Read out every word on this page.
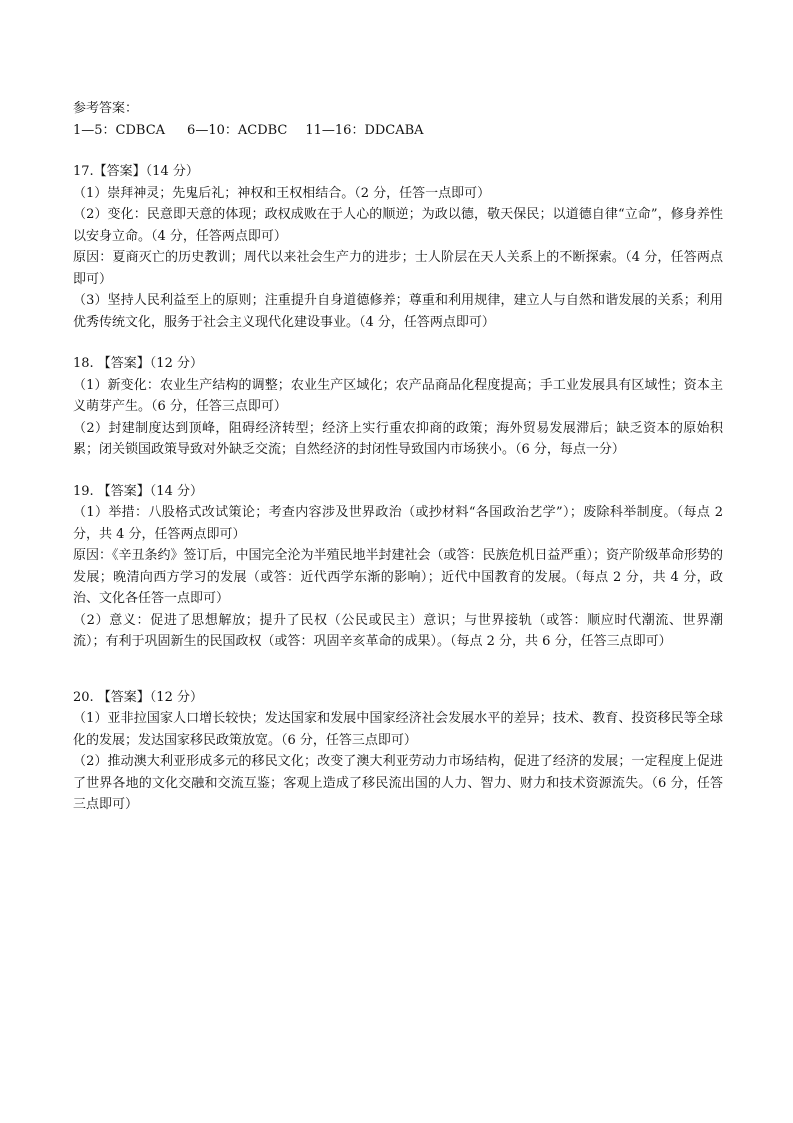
参考答案：
1—5：CDBCA 6—10：ACDBC 11—16：DDCABA
17.【答案】（14 分）
（1）崇拜神灵；先鬼后礼；神权和王权相结合。（2 分，任答一点即可）
（2）变化：民意即天意的体现；政权成败在于人心的顺逆；为政以德，敬天保民；以道德自律“立命”，修身养性以安身立命。（4 分，任答两点即可）
原因：夏商灭亡的历史教训；周代以来社会生产力的进步；士人阶层在天人关系上的不断探索。（4 分，任答两点即可）
（3）坚持人民利益至上的原则；注重提升自身道德修养；尊重和利用规律，建立人与自然和谐发展的关系；利用优秀传统文化，服务于社会主义现代化建设事业。（4 分，任答两点即可）
18. 【答案】（12 分）
（1）新变化：农业生产结构的调整；农业生产区域化；农产品商品化程度提高；手工业发展具有区域性；资本主义萌芽产生。（6 分，任答三点即可）
（2）封建制度达到顶峰，阻碍经济转型；经济上实行重农抑商的政策；海外贸易发展滞后；缺乏资本的原始积累；闭关锁国政策导致对外缺乏交流；自然经济的封闭性导致国内市场狭小。（6 分，每点一分）
19. 【答案】（14 分）
（1）举措：八股格式改试策论；考查内容涉及世界政治（或抄材料“各国政治艺学”）；废除科举制度。（每点 2 分，共 4 分，任答两点即可）
原因：《辛丑条约》签订后，中国完全沦为半殖民地半封建社会（或答：民族危机日益严重）；资产阶级革命形势的发展；晚清向西方学习的发展（或答：近代西学东渐的影响）；近代中国教育的发展。（每点 2 分，共 4 分，政治、文化各任答一点即可）
（2）意义：促进了思想解放；提升了民权（公民或民主）意识；与世界接轨（或答：顺应时代潮流、世界潮流）；有利于巩固新生的民国政权（或答：巩固辛亥革命的成果）。（每点 2 分，共 6 分，任答三点即可）
20. 【答案】（12 分）
（1）亚非拉国家人口增长较快；发达国家和发展中国家经济社会发展水平的差异；技术、教育、投资移民等全球化的发展；发达国家移民政策放宽。（6 分，任答三点即可）
（2）推动澳大利亚形成多元的移民文化；改变了澳大利亚劳动力市场结构，促进了经济的发展；一定程度上促进了世界各地的文化交融和交流互鉴；客观上造成了移民流出国的人力、智力、财力和技术资源流失。（6 分，任答三点即可）
